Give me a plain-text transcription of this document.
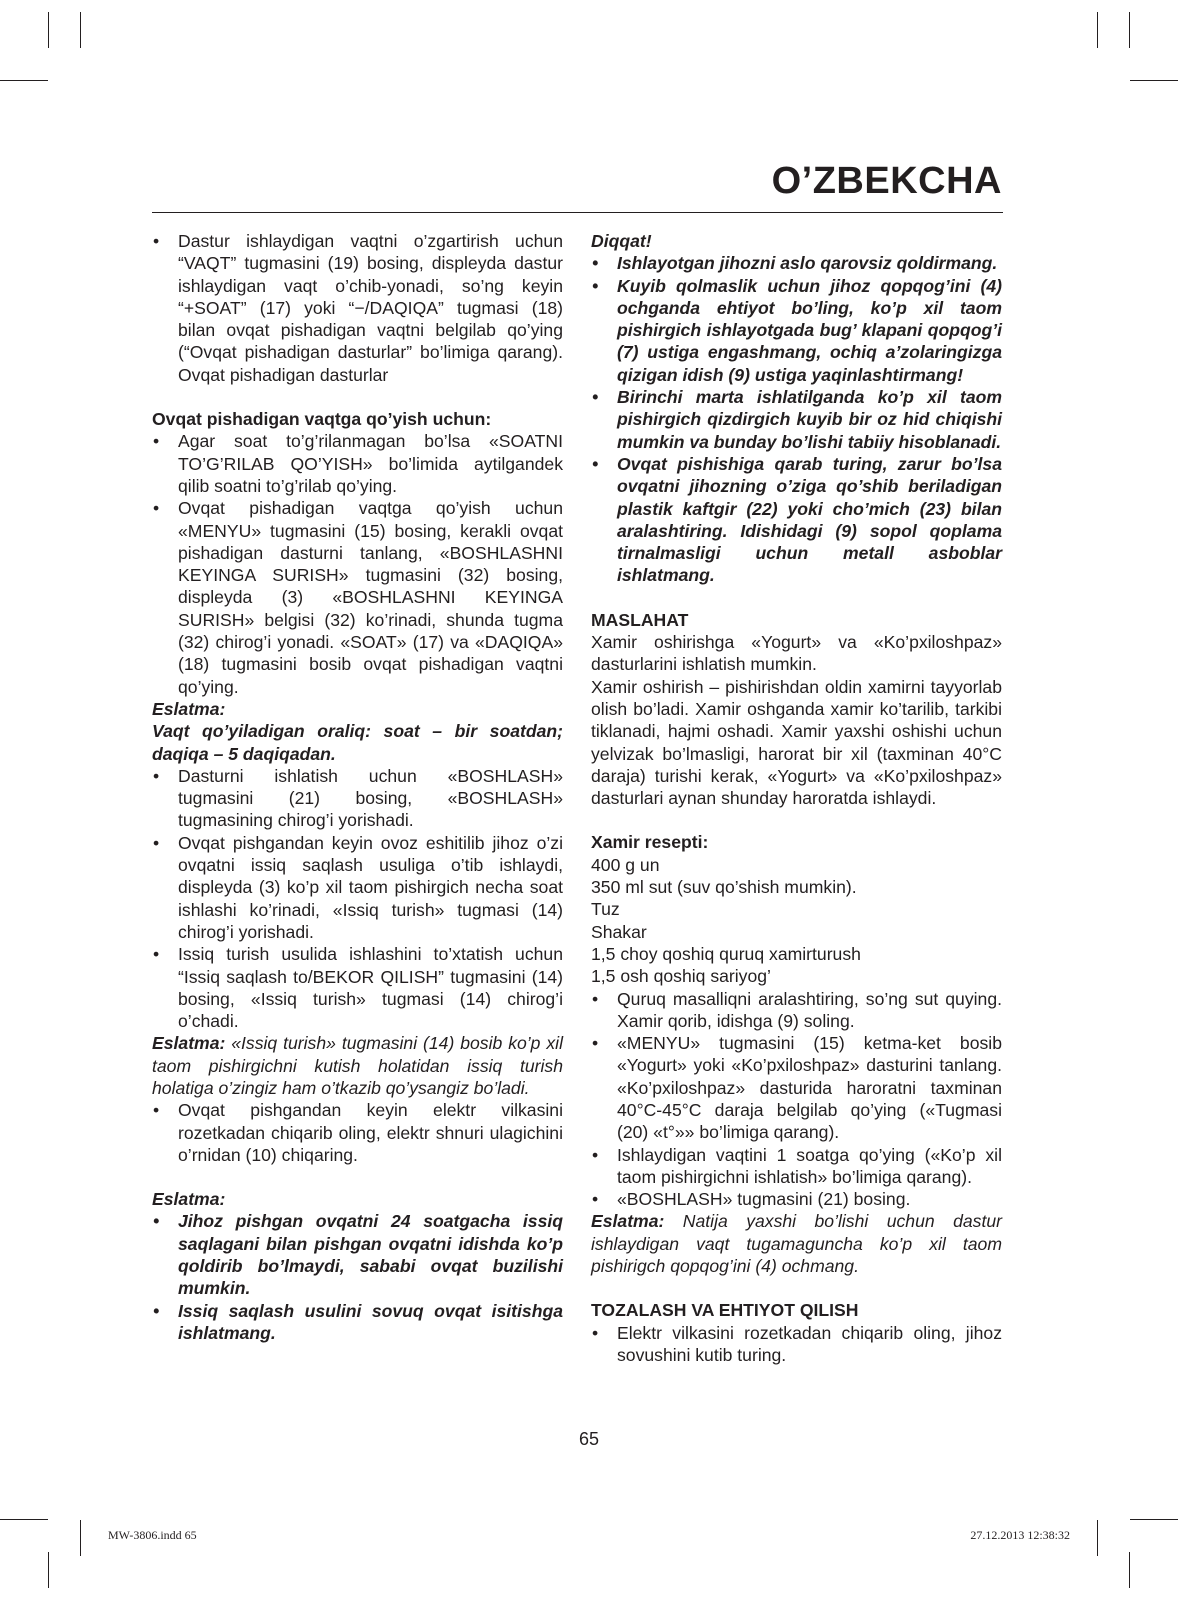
O’ZBEKCHA
• Dastur ishlaydigan vaqtni o’zgartirish uchun “VAQT” tugmasini (19) bosing, displeyda dastur ishlaydigan vaqt o’chib-yonadi, so’ng keyin “+SOAT” (17) yoki “−/DAQIQA” tugmasi (18) bilan ovqat pishadigan vaqtni belgilab qo’ying (“Ovqat pishadigan dasturlar” bo’limiga qarang). Ovqat pishadigan dasturlar

Ovqat pishadigan vaqtga qo’yish uchun:

• Agar soat to’g’rilanmagan bo’lsa «SOATNI TO’G’RILAB QO’YISH» bo’limida aytilgandek qilib soatni to’g’rilab qo’ying.
• Ovqat pishadigan vaqtga qo’yish uchun «MENYU» tugmasini (15) bosing, kerakli ovqat pishadigan dasturni tanlang, «BOSHLASHNI KEYINGA SURISH» tugmasini (32) bosing, displeyda (3) «BOSHLASHNI KEYINGA SURISH» belgisi (32) ko’rinadi, shunda tugma (32) chirog’i yonadi. «SOAT» (17) va «DAQIQA» (18) tugmasini bosib ovqat pishadigan vaqtni qo’ying.

Eslatma:

Vaqt qo’yiladigan oraliq: soat – bir soatdan; daqiqa – 5 daqiqadan.

• Dasturni ishlatish uchun «BOSHLASH» tugmasini (21) bosing, «BOSHLASH» tugmasining chirog’i yorishadi.
• Ovqat pishgandan keyin ovoz eshitilib jihoz o’zi ovqatni issiq saqlash usuliga o’tib ishlaydi, displeyda (3) ko’p xil taom pishirgich necha soat ishlashi ko’rinadi, «Issiq turish» tugmasi (14) chirog’i yorishadi.
• Issiq turish usulida ishlashini to’xtatish uchun “Issiq saqlash to/BEKOR QILISH” tugmasini (14) bosing, «Issiq turish» tugmasi (14) chirog’i o’chadi.

Eslatma: «Issiq turish» tugmasini (14) bosib ko’p xil taom pishirgichni kutish holatidan issiq turish holatiga o’zingiz ham o’tkazib qo’ysangiz bo’ladi.

• Ovqat pishgandan keyin elektr vilkasini rozetkadan chiqarib oling, elektr shnuri ulagichini o’rnidan (10) chiqaring.

Eslatma:

• Jihoz pishgan ovqatni 24 soatgacha issiq saqlagani bilan pishgan ovqatni idishda ko’p qoldirib bo’lmaydi, sababi ovqat buzilishi mumkin.
• Issiq saqlash usulini sovuq ovqat isitishga ishlatmang.

Diqqat!

• Ishlayotgan jihozni aslo qarovsiz qoldirmang.
• Kuyib qolmaslik uchun jihoz qopqog’ini (4) ochganda ehtiyot bo’ling, ko’p xil taom pishirgich ishlayotgada bug’ klapani qopqog’i (7) ustiga engashmang, ochiq a’zolaringizga qizigan idish (9) ustiga yaqinlashtirmang!
• Birinchi marta ishlatilganda ko’p xil taom pishirgich qizdirgich kuyib bir oz hid chiqishi mumkin va bunday bo’lishi tabiiy hisoblanadi.
• Ovqat pishishiga qarab turing, zarur bo’lsa ovqatni jihozning o’ziga qo’shib beriladigan plastik kaftgir (22) yoki cho’mich (23) bilan aralashtiring. Idishidagi (9) sopol qoplama tirnalmasligi uchun metall asboblar ishlatmang.

MASLAHAT

Xamir oshirishga «Yogurt» va «Ko’pxiloshpaz» dasturlarini ishlatish mumkin.

Xamir oshirish – pishirishdan oldin xamirni tayyorlab olish bo’ladi. Xamir oshganda xamir ko’tarilib, tarkibi tiklanadi, hajmi oshadi. Xamir yaxshi oshishi uchun yelvizak bo’lmasligi, harorat bir xil (taxminan 40°C daraja) turishi kerak, «Yogurt» va «Ko’pxiloshpaz» dasturlari aynan shunday haroratda ishlaydi.

Xamir resepti:

400 g un

350 ml sut (suv qo’shish mumkin).

Tuz

Shakar

1,5 choy qoshiq quruq xamirturush

1,5 osh qoshiq sariyog’

• Quruq masalliqni aralashtiring, so’ng sut quying. Xamir qorib, idishga (9) soling.
• «MENYU» tugmasini (15) ketma-ket bosib «Yogurt» yoki «Ko’pxiloshpaz» dasturini tanlang. «Ko’pxiloshpaz» dasturida haroratni taxminan 40°C-45°C daraja belgilab qo’ying («Tugmasi (20) «t°»» bo’limiga qarang).
• Ishlaydigan vaqtini 1 soatga qo’ying («Ko’p xil taom pishirgichni ishlatish» bo’limiga qarang).
• «BOSHLASH» tugmasini (21) bosing.

Eslatma: Natija yaxshi bo’lishi uchun dastur ishlaydigan vaqt tugamaguncha ko’p xil taom pishirigch qopqog’ini (4) ochmang.

TOZALASH VA EHTIYOT QILISH

• Elektr vilkasini rozetkadan chiqarib oling, jihoz sovushini kutib turing.
65
MW-3806.indd 65	27.12.2013 12:38:32
